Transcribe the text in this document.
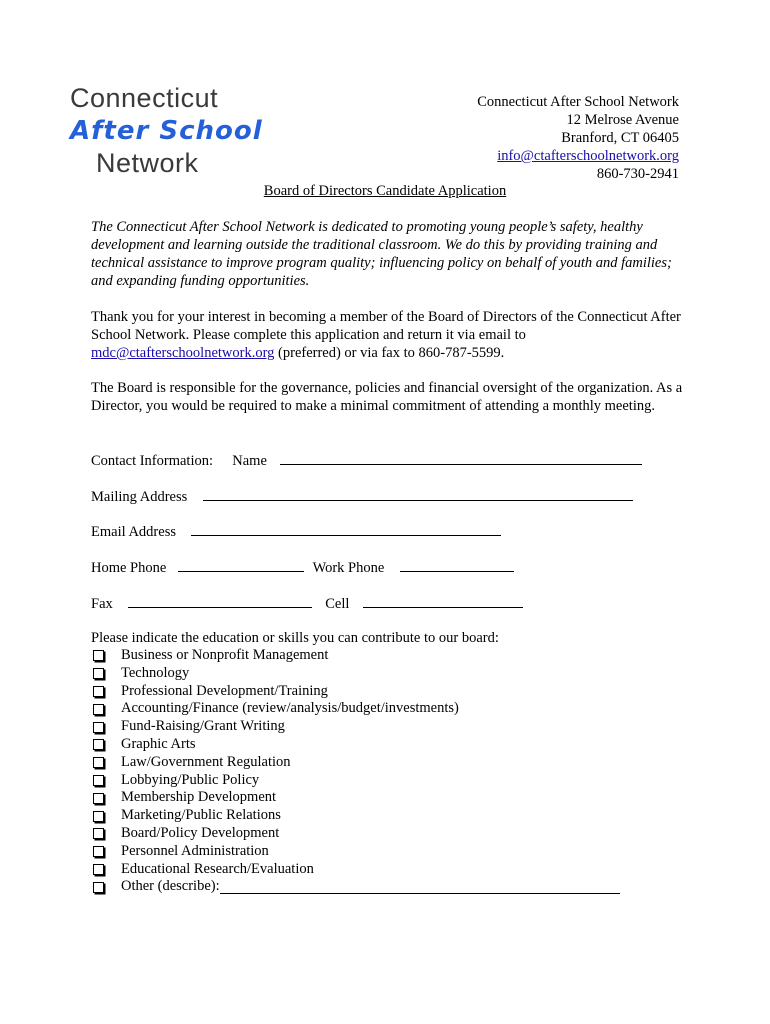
Connecticut
After School
Network
Connecticut After School Network
12 Melrose Avenue
Branford, CT 06405
info@ctafterschoolnetwork.org
860-730-2941
Board of Directors Candidate Application
The Connecticut After School Network is dedicated to promoting young people’s safety, healthy development and learning outside the traditional classroom. We do this by providing training and technical assistance to improve program quality; influencing policy on behalf of youth and families; and expanding funding opportunities.
Thank you for your interest in becoming a member of the Board of Directors of the Connecticut After School Network. Please complete this application and return it via email to mdc@ctafterschoolnetwork.org (preferred) or via fax to 860-787-5599.
The Board is responsible for the governance, policies and financial oversight of the organization. As a Director, you would be required to make a minimal commitment of attending a monthly meeting.
Contact Information: Name
Mailing Address
Email Address
Home Phone	Work Phone
Fax	Cell
Please indicate the education or skills you can contribute to our board:
Business or Nonprofit Management
Technology
Professional Development/Training
Accounting/Finance (review/analysis/budget/investments)
Fund-Raising/Grant Writing
Graphic Arts
Law/Government Regulation
Lobbying/Public Policy
Membership Development
Marketing/Public Relations
Board/Policy Development
Personnel Administration
Educational Research/Evaluation
Other (describe):
